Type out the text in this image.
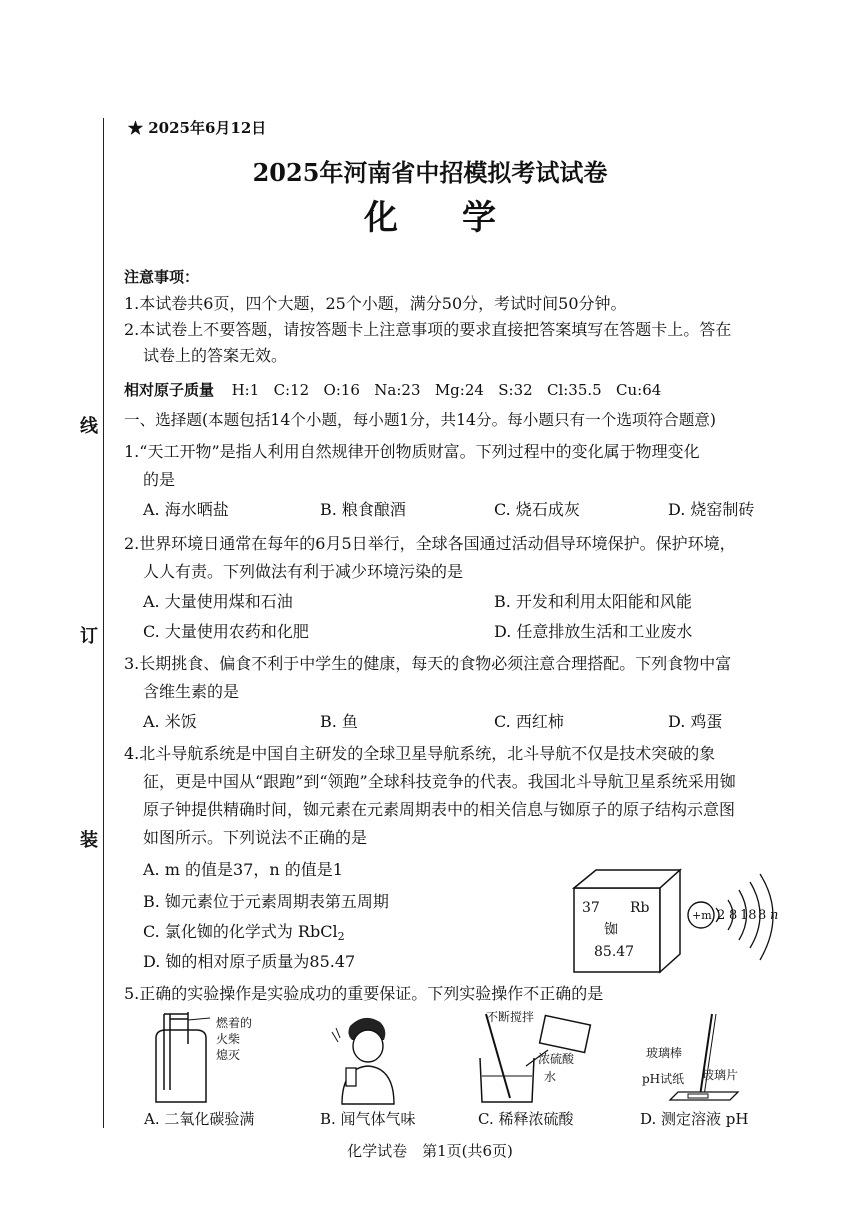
线
订
装
★ 2025年6月12日
2025年河南省中招模拟考试试卷
化 学
注意事项：
1.本试卷共6页，四个大题，25个小题，满分50分，考试时间50分钟。
2.本试卷上不要答题，请按答题卡上注意事项的要求直接把答案填写在答题卡上。答在
试卷上的答案无效。
相对原子质量 H:1 C:12 O:16 Na:23 Mg:24 S:32 Cl:35.5 Cu:64
一、选择题(本题包括14个小题，每小题1分，共14分。每小题只有一个选项符合题意)
1.“天工开物”是指人利用自然规律开创物质财富。下列过程中的变化属于物理变化
的是
A. 海水晒盐	B. 粮食酿酒	C. 烧石成灰	D. 烧窑制砖
2.世界环境日通常在每年的6月5日举行，全球各国通过活动倡导环境保护。保护环境，
人人有责。下列做法有利于减少环境污染的是
A. 大量使用煤和石油	B. 开发和利用太阳能和风能
C. 大量使用农药和化肥	D. 任意排放生活和工业废水
3.长期挑食、偏食不利于中学生的健康，每天的食物必须注意合理搭配。下列食物中富
含维生素的是
A. 米饭	B. 鱼	C. 西红柿	D. 鸡蛋
4.北斗导航系统是中国自主研发的全球卫星导航系统，北斗导航不仅是技术突破的象
征，更是中国从“跟跑”到“领跑”全球科技竞争的代表。我国北斗导航卫星系统采用铷
原子钟提供精确时间，铷元素在元素周期表中的相关信息与铷原子的原子结构示意图
如图所示。下列说法不正确的是
A. m 的值是37，n 的值是1
B. 铷元素位于元素周期表第五周期
C. 氯化铷的化学式为 RbCl$_2$
D. 铷的相对原子质量为85.47
37 Rb
铷
85.47
+m 2 8 18 8 n
5.正确的实验操作是实验成功的重要保证。下列实验操作不正确的是
燃着的
火柴
熄灭
不断搅拌
浓硫酸
水
玻璃棒
pH试纸 玻璃片
A. 二氧化碳验满	B. 闻气体气味	C. 稀释浓硫酸	D. 测定溶液 pH
化学试卷　第1页(共6页)
